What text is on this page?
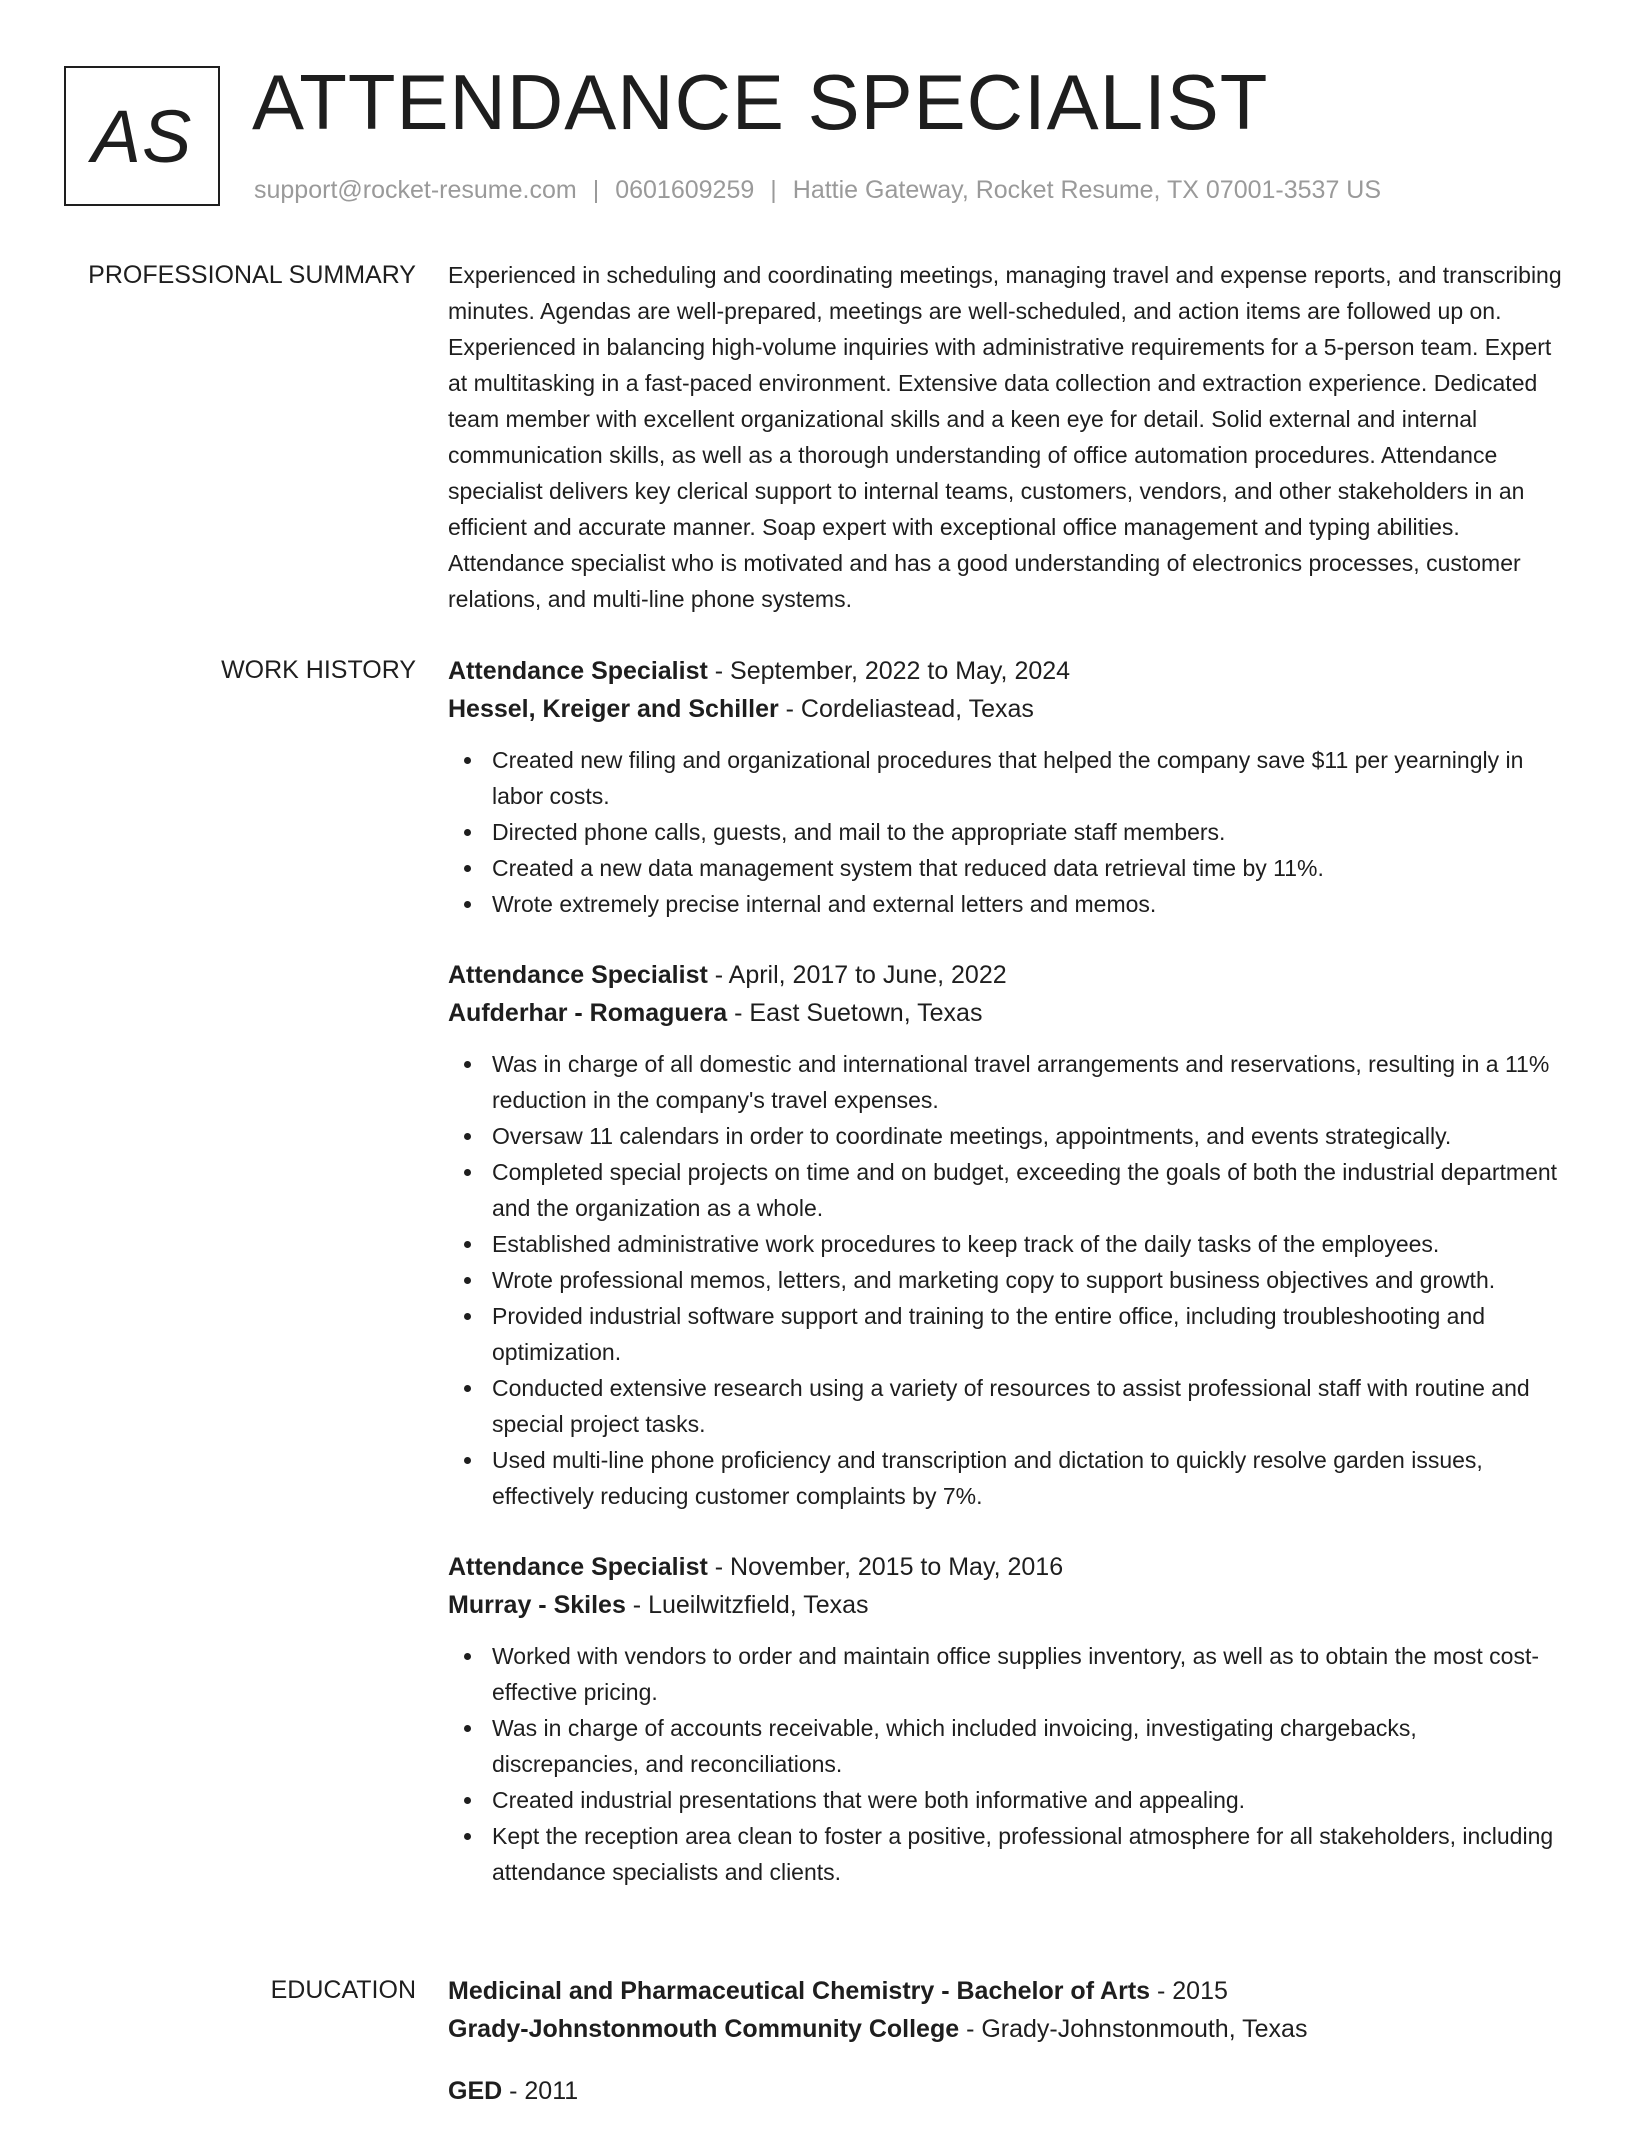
AS ATTENDANCE SPECIALIST
support@rocket-resume.com | 0601609259 | Hattie Gateway, Rocket Resume, TX 07001-3537 US
PROFESSIONAL SUMMARY Experienced in scheduling and coordinating meetings, managing travel and expense reports, and transcribing minutes. Agendas are well-prepared, meetings are well-scheduled, and action items are followed up on. Experienced in balancing high-volume inquiries with administrative requirements for a 5-person team. Expert at multitasking in a fast-paced environment. Extensive data collection and extraction experience. Dedicated team member with excellent organizational skills and a keen eye for detail. Solid external and internal communication skills, as well as a thorough understanding of office automation procedures. Attendance specialist delivers key clerical support to internal teams, customers, vendors, and other stakeholders in an efficient and accurate manner. Soap expert with exceptional office management and typing abilities. Attendance specialist who is motivated and has a good understanding of electronics processes, customer relations, and multi-line phone systems.

WORK HISTORY Attendance Specialist - September, 2022 to May, 2024
Hessel, Kreiger and Schiller - Cordeliastead, Texas
Created new filing and organizational procedures that helped the company save $11 per yearningly in labor costs.
Directed phone calls, guests, and mail to the appropriate staff members.
Created a new data management system that reduced data retrieval time by 11%.
Wrote extremely precise internal and external letters and memos.
Attendance Specialist - April, 2017 to June, 2022
Aufderhar - Romaguera - East Suetown, Texas
Was in charge of all domestic and international travel arrangements and reservations, resulting in a 11% reduction in the company's travel expenses.
Oversaw 11 calendars in order to coordinate meetings, appointments, and events strategically.
Completed special projects on time and on budget, exceeding the goals of both the industrial department and the organization as a whole.
Established administrative work procedures to keep track of the daily tasks of the employees.
Wrote professional memos, letters, and marketing copy to support business objectives and growth.
Provided industrial software support and training to the entire office, including troubleshooting and optimization.
Conducted extensive research using a variety of resources to assist professional staff with routine and special project tasks.
Used multi-line phone proficiency and transcription and dictation to quickly resolve garden issues, effectively reducing customer complaints by 7%.
Attendance Specialist - November, 2015 to May, 2016
Murray - Skiles - Lueilwitzfield, Texas
Worked with vendors to order and maintain office supplies inventory, as well as to obtain the most cost-effective pricing.
Was in charge of accounts receivable, which included invoicing, investigating chargebacks, discrepancies, and reconciliations.
Created industrial presentations that were both informative and appealing.
Kept the reception area clean to foster a positive, professional atmosphere for all stakeholders, including attendance specialists and clients.
EDUCATION Medicinal and Pharmaceutical Chemistry - Bachelor of Arts - 2015
Grady-Johnstonmouth Community College - Grady-Johnstonmouth, Texas
GED - 2011
